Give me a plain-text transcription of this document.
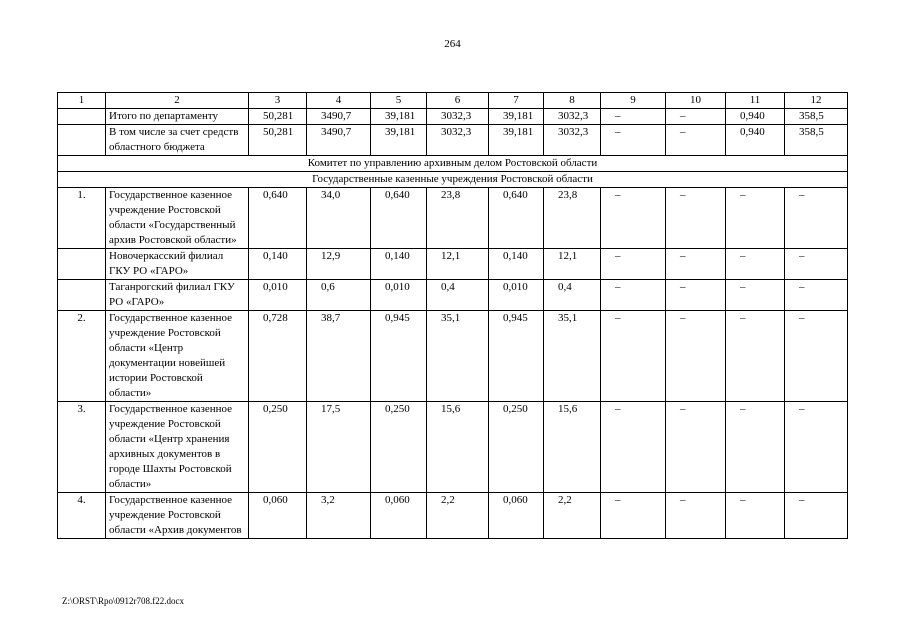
264
1	2	3	4	5	6	7	8	9	10	11	12
	Итого по департаменту	50,281	3490,7	39,181	3032,3	39,181	3032,3	–	–	0,940	358,5
	В том числе за счет средств областного бюджета	50,281	3490,7	39,181	3032,3	39,181	3032,3	–	–	0,940	358,5
Комитет по управлению архивным делом Ростовской области											
Государственные казенные учреждения Ростовской области											
1.	Государственное казенное учреждение Ростовской области «Государственный архив Ростовской области»	0,640	34,0	0,640	23,8	0,640	23,8	–	–	–	–
	Новочеркасский филиал ГКУ РО «ГАРО»	0,140	12,9	0,140	12,1	0,140	12,1	–	–	–	–
	Таганрогский филиал ГКУ РО «ГАРО»	0,010	0,6	0,010	0,4	0,010	0,4	–	–	–	–
2.	Государственное казенное учреждение Ростовской области «Центр документации новейшей истории Ростовской области»	0,728	38,7	0,945	35,1	0,945	35,1	–	–	–	–
3.	Государственное казенное учреждение Ростовской области «Центр хранения архивных документов в городе Шахты Ростовской области»	0,250	17,5	0,250	15,6	0,250	15,6	–	–	–	–
4.	Государственное казенное учреждение Ростовской области «Архив документов	0,060	3,2	0,060	2,2	0,060	2,2	–	–	–	–
Z:\ORST\Rpo\0912r708.f22.docx
